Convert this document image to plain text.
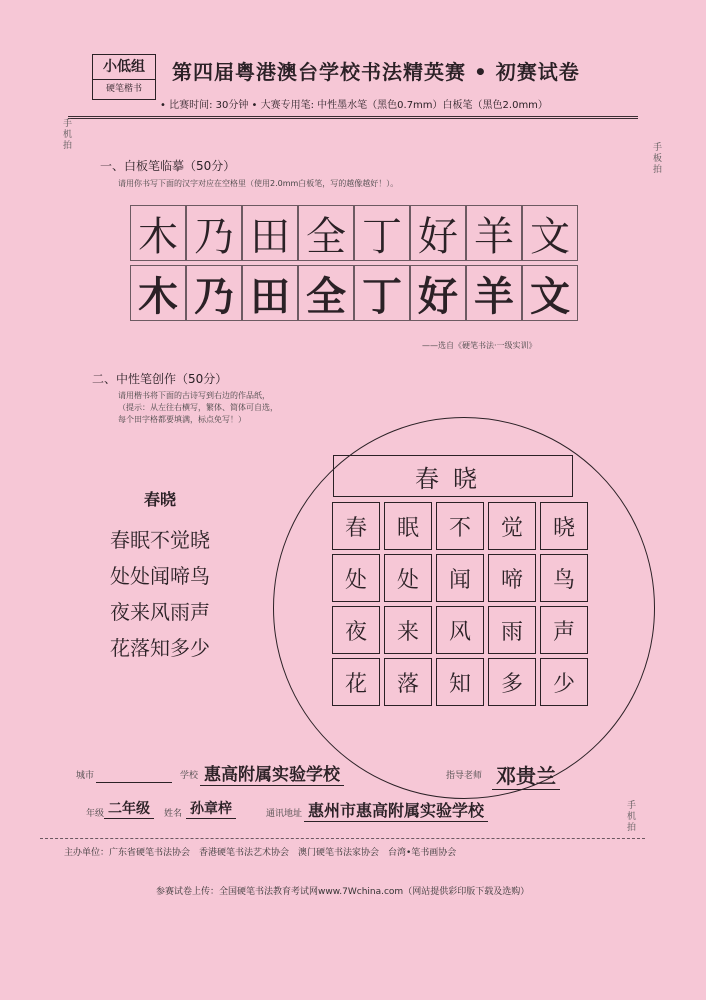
小低组
硬笔楷书
第四届粤港澳台学校书法精英赛 • 初赛试卷
• 比赛时间: 30分钟 • 大赛专用笔: 中性墨水笔（黑色0.7mm）白板笔（黑色2.0mm）
手机拍
手板拍
手机拍
一、白板笔临摹（50分）
请用你书写下面的汉字对应在空格里（使用2.0mm白板笔，写的越像越好！）。
木 乃 田 全 丁 好 羊 文
木 乃 田 全 丁 好 羊 文
——选自《硬笔书法·一级实训》
二、中性笔创作（50分）
请用楷书将下面的古诗写到右边的作品纸，
（提示：从左往右横写，繁体、简体可自选，
每个田字格都要填满，标点免写！）
春晓
春眠不觉晓
处处闻啼鸟
夜来风雨声
花落知多少
春晓
春	眠	不	觉	晓
处	处	闻	啼	鸟
夜	来	风	雨	声
花	落	知	多	少
城市	学校 惠高附属实验学校	指导老师 邓贵兰
年级 二年级	姓名 孙章梓	通讯地址 惠州市惠高附属实验学校
主办单位：广东省硬笔书法协会　香港硬笔书法艺术协会　澳门硬笔书法家协会　台湾•笔书画协会
参赛试卷上传：全国硬笔书法教育考试网www.7Wchina.com（网站提供彩印版下载及选购）
